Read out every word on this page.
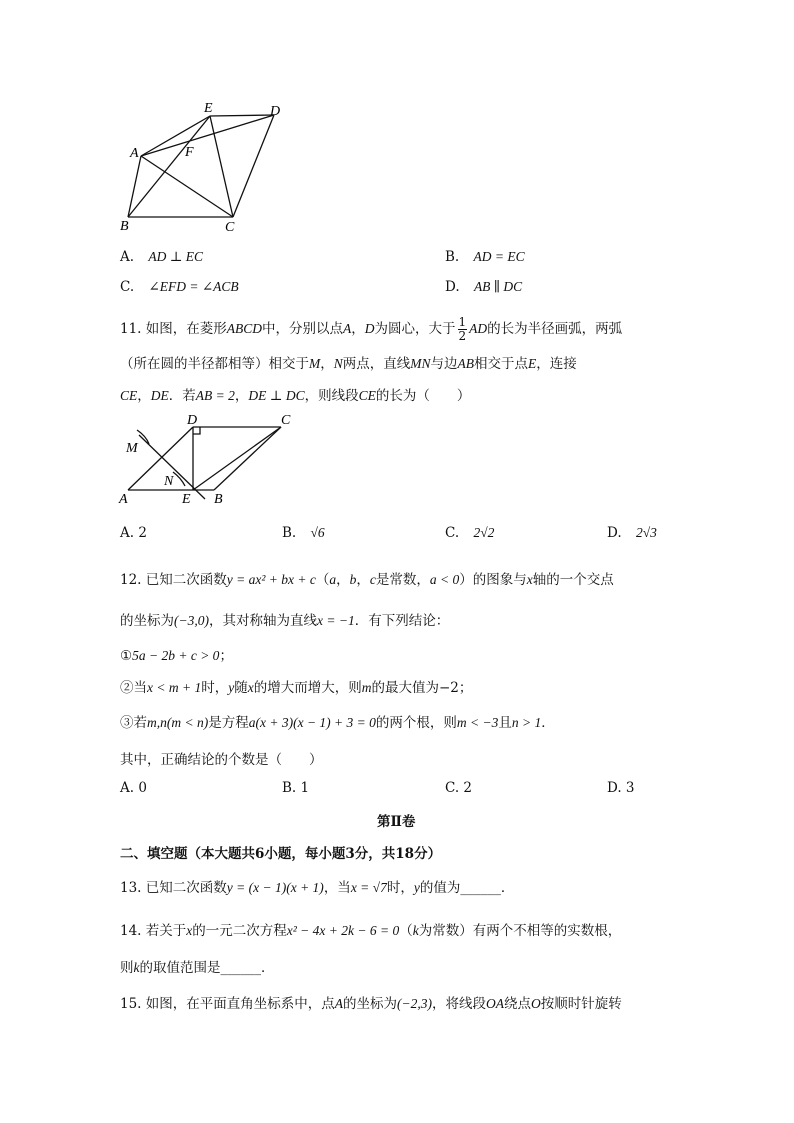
E	D
A	F
B	C
A. AD ⊥ EC	B. AD = EC
C. ∠EFD = ∠ACB	D. AB ∥ DC
11. 如图，在菱形ABCD中，分别以点A，D为圆心，大于 $\frac{1}{2}$ AD的长为半径画弧，两弧
（所在圆的半径都相等）相交于M，N两点，直线MN与边AB相交于点E，连接
CE，DE．若AB = 2，DE ⊥ DC，则线段CE的长为（　　）
D	C
M
N
A	E B
A. 2	B. √6	C. 2√2	D. 2√3
12. 已知二次函数y = ax² + bx + c（a，b，c是常数，a < 0）的图象与x轴的一个交点
的坐标为(−3,0)，其对称轴为直线x = −1．有下列结论：
①5a − 2b + c > 0；
②当x < m + 1时，y随x的增大而增大，则m的最大值为−2；
③若m,n(m < n)是方程a(x + 3)(x − 1) + 3 = 0的两个根，则m < −3且n > 1．
其中，正确结论的个数是（　　）
A. 0	B. 1	C. 2	D. 3
第Ⅱ卷
二、填空题（本大题共6小题，每小题3分，共18分）
13. 已知二次函数y = (x − 1)(x + 1)，当x = √7时，y的值为______．
14. 若关于x的一元二次方程x² − 4x + 2k − 6 = 0（k为常数）有两个不相等的实数根，
则k的取值范围是______．
15. 如图，在平面直角坐标系中，点A的坐标为(−2,3)，将线段OA绕点O按顺时针旋转
